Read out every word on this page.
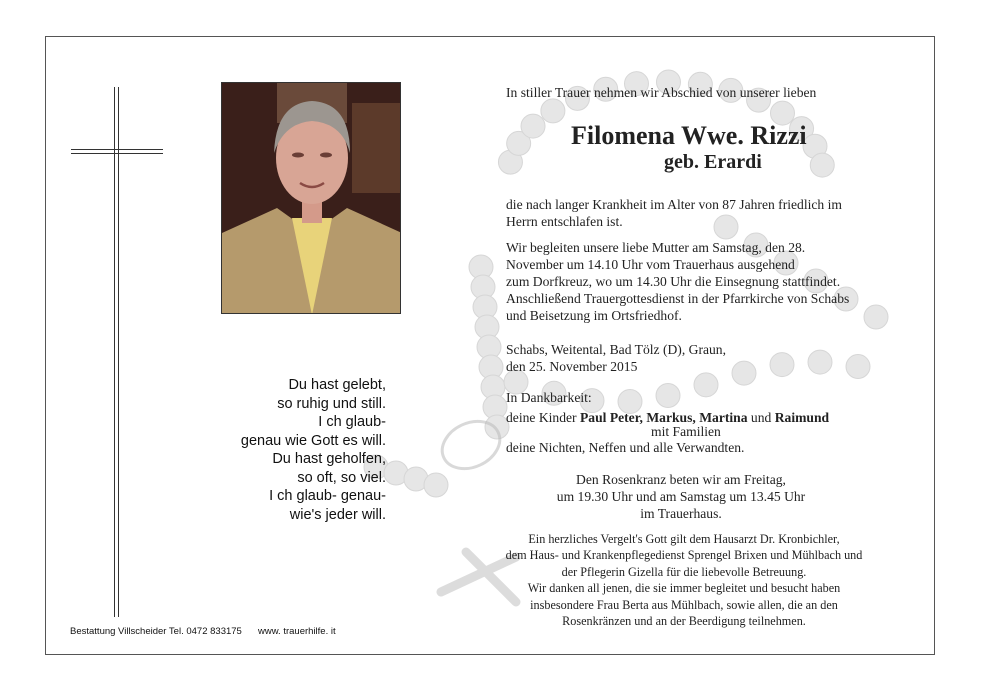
Du hast gelebt,
so ruhig und still.
I ch glaub-
genau wie Gott es will.
Du hast geholfen,
so oft, so viel.
I ch glaub- genau-
wie's jeder will.
Bestattung Villscheider Tel. 0472 833175 www. trauerhilfe. it
In stiller Trauer nehmen wir Abschied von unserer lieben
Filomena Wwe. Rizzi
geb. Erardi
die nach langer Krankheit im Alter von 87 Jahren friedlich im
Herrn entschlafen ist.
Wir begleiten unsere liebe Mutter am Samstag, den 28.
November um 14.10 Uhr vom Trauerhaus ausgehend
zum Dorfkreuz, wo um 14.30 Uhr die Einsegnung stattfindet.
Anschließend Trauergottesdienst in der Pfarrkirche von Schabs
und Beisetzung im Ortsfriedhof.
Schabs, Weitental, Bad Tölz (D), Graun,
den 25. November 2015
In Dankbarkeit:
deine Kinder Paul Peter, Markus, Martina und Raimund
mit Familien
deine Nichten, Neffen und alle Verwandten.
Den Rosenkranz beten wir am Freitag,
um 19.30 Uhr und am Samstag um 13.45 Uhr
im Trauerhaus.
Ein herzliches Vergelt's Gott gilt dem Hausarzt Dr. Kronbichler,
dem Haus- und Krankenpflegedienst Sprengel Brixen und Mühlbach und
der Pflegerin Gizella für die liebevolle Betreuung.
Wir danken all jenen, die sie immer begleitet und besucht haben
insbesondere Frau Berta aus Mühlbach, sowie allen, die an den
Rosenkränzen und an der Beerdigung teilnehmen.
